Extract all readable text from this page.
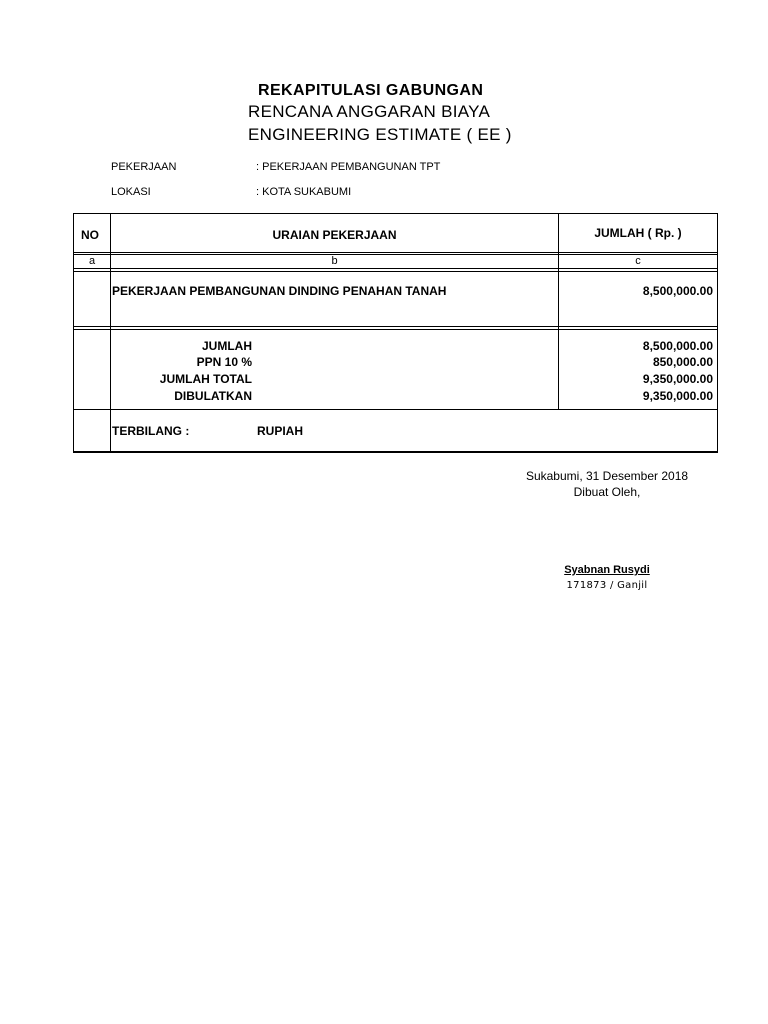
REKAPITULASI GABUNGAN
RENCANA ANGGARAN BIAYA
ENGINEERING ESTIMATE ( EE )
PEKERJAAN	: PEKERJAAN PEMBANGUNAN TPT
LOKASI	: KOTA SUKABUMI
NO	URAIAN PEKERJAAN	JUMLAH ( Rp. )
a	b	c
PEKERJAAN PEMBANGUNAN DINDING PENAHAN TANAH	8,500,000.00
JUMLAH	8,500,000.00
PPN 10 %	850,000.00
JUMLAH TOTAL	9,350,000.00
DIBULATKAN	9,350,000.00
TERBILANG :	RUPIAH
Sukabumi, 31 Desember 2018
Dibuat Oleh,
Syabnan Rusydi
171873 / Ganjil
